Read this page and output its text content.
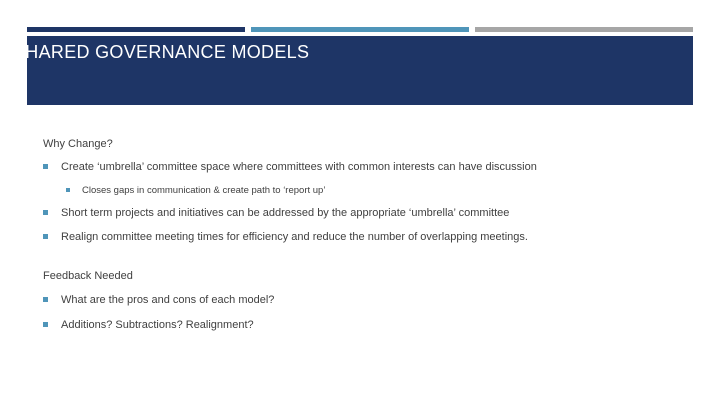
SHARED GOVERNANCE MODELS
Why Change?
Create ‘umbrella’ committee space where committees with common interests can have discussion
Closes gaps in communication & create path to ‘report up’
Short term projects and initiatives can be addressed by the appropriate ‘umbrella’ committee
Realign committee meeting times for efficiency and reduce the number of overlapping meetings.
Feedback Needed
What are the pros and cons of each model?
Additions? Subtractions? Realignment?
